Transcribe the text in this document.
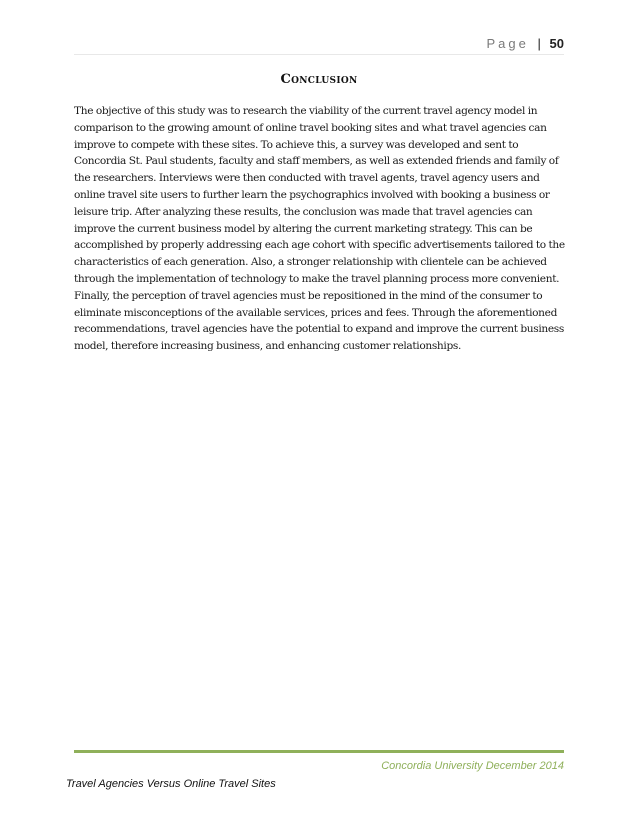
Page | 50
Conclusion

The objective of this study was to research the viability of the current travel agency model in comparison to the growing amount of online travel booking sites and what travel agencies can improve to compete with these sites. To achieve this, a survey was developed and sent to Concordia St. Paul students, faculty and staff members, as well as extended friends and family of the researchers. Interviews were then conducted with travel agents, travel agency users and online travel site users to further learn the psychographics involved with booking a business or leisure trip. After analyzing these results, the conclusion was made that travel agencies can improve the current business model by altering the current marketing strategy. This can be accomplished by properly addressing each age cohort with specific advertisements tailored to the characteristics of each generation. Also, a stronger relationship with clientele can be achieved through the implementation of technology to make the travel planning process more convenient. Finally, the perception of travel agencies must be repositioned in the mind of the consumer to eliminate misconceptions of the available services, prices and fees. Through the aforementioned recommendations, travel agencies have the potential to expand and improve the current business model, therefore increasing business, and enhancing customer relationships.

Concordia University December 2014
Travel Agencies Versus Online Travel Sites
